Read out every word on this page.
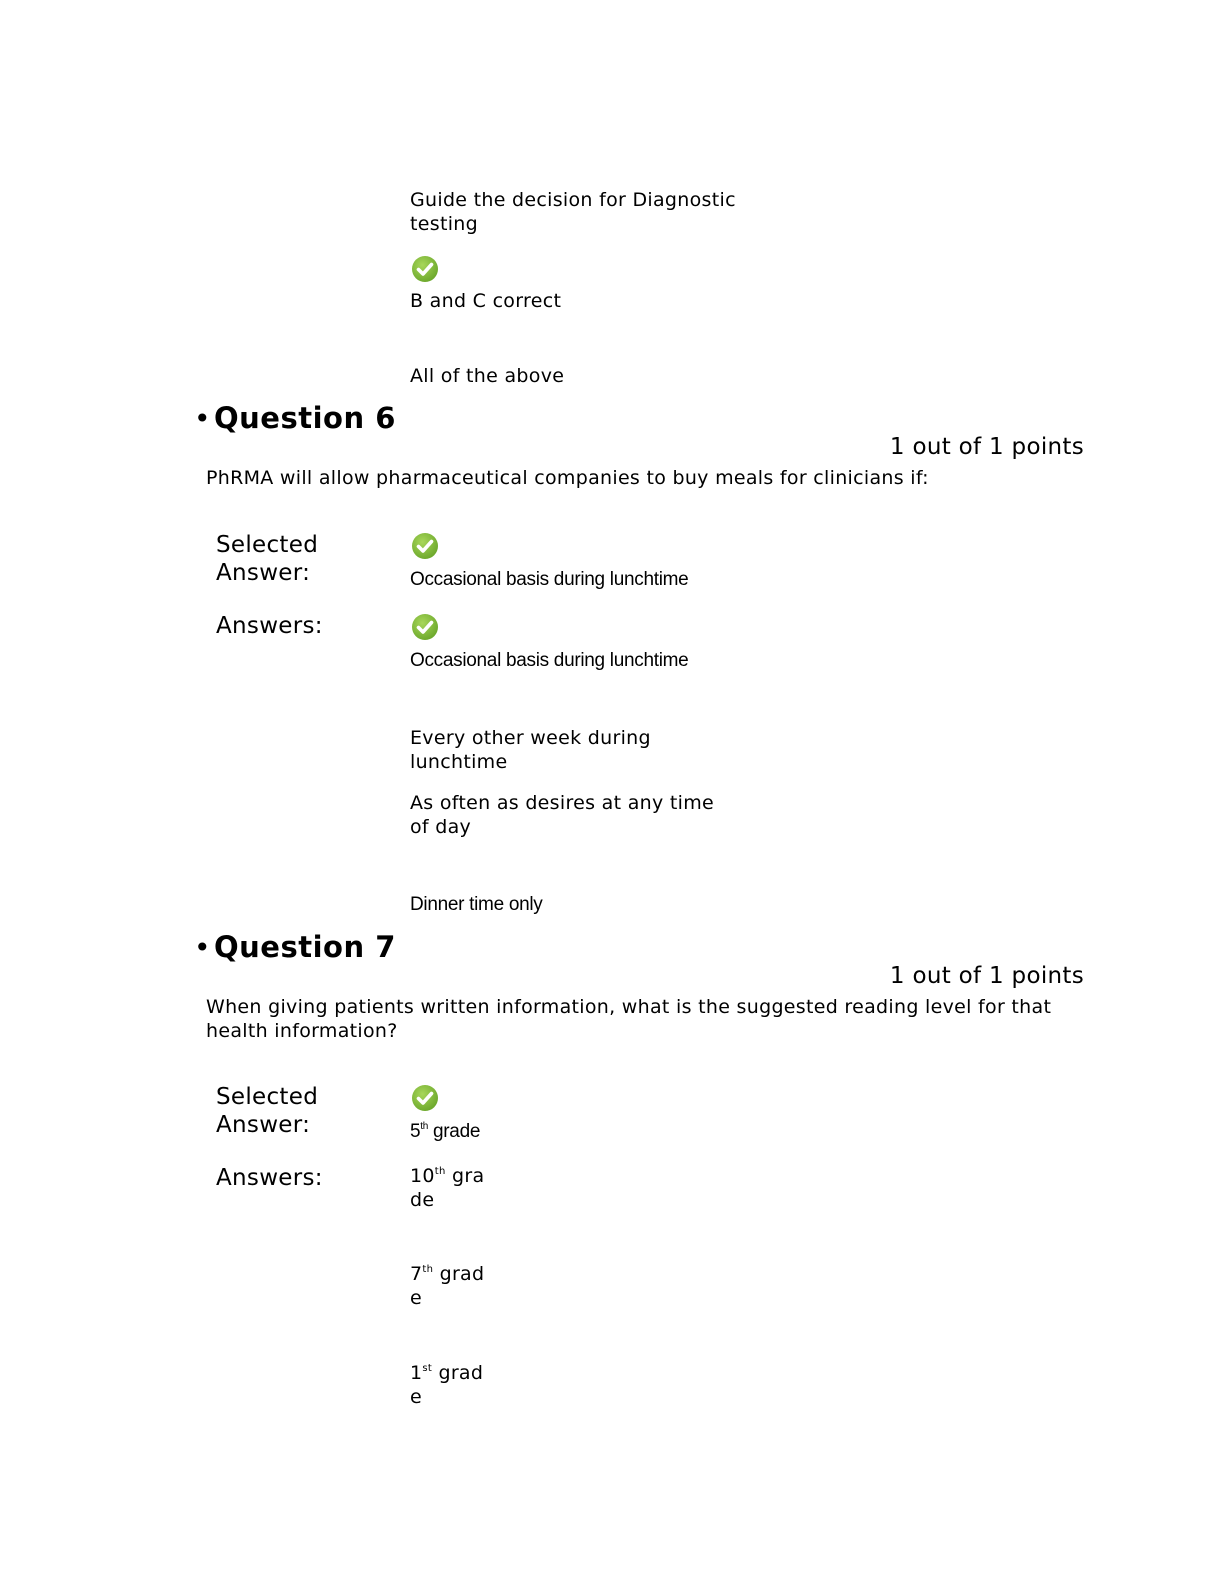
Guide the decision for Diagnostic testing
B and C correct
All of the above
• Question 6
1 out of 1 points
PhRMA will allow pharmaceutical companies to buy meals for clinicians if:
Selected Answer:	Occasional basis during lunchtime
Answers:
Occasional basis during lunchtime
Every other week during lunchtime
As often as desires at any time of day
Dinner time only
• Question 7
1 out of 1 points
When giving patients written information, what is the suggested reading level for that health information?
Selected Answer:	5th grade
Answers:	10th grade
7th grade
1st grade
